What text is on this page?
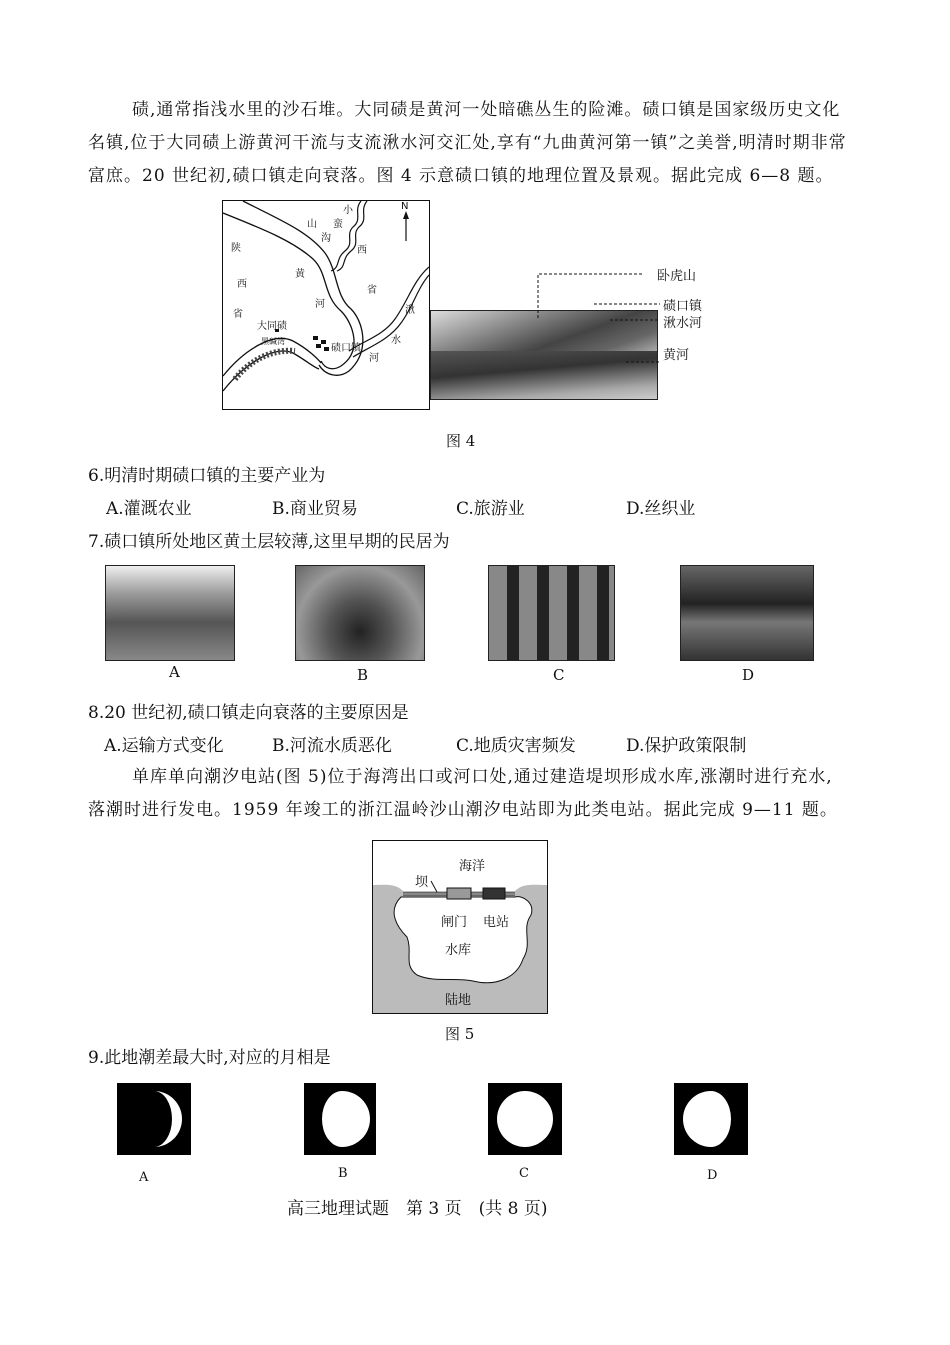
碛,通常指浅水里的沙石堆。大同碛是黄河一处暗礁丛生的险滩。碛口镇是国家级历史文化名镇,位于大同碛上游黄河干流与支流湫水河交汇处,享有“九曲黄河第一镇”之美誉,明清时期非常富庶。20 世纪初,碛口镇走向衰落。图 4 示意碛口镇的地理位置及景观。据此完成 6—8 题。
N
小
蛮
沟
山
西
省
陕
西
省
黄
河
湫
水
河
大同碛
黑碱湾
碛口镇
卧虎山
碛口镇
湫水河
黄河
图 4
6.明清时期碛口镇的主要产业为
A.灌溉农业	B.商业贸易	C.旅游业	D.丝织业
7.碛口镇所处地区黄土层较薄,这里早期的民居为
A	B	C	D
8.20 世纪初,碛口镇走向衰落的主要原因是
A.运输方式变化	B.河流水质恶化	C.地质灾害频发	D.保护政策限制
单库单向潮汐电站(图 5)位于海湾出口或河口处,通过建造堤坝形成水库,涨潮时进行充水,落潮时进行发电。1959 年竣工的浙江温岭沙山潮汐电站即为此类电站。据此完成 9—11 题。
海洋
坝
闸门 电站
水库
陆地
图 5
9.此地潮差最大时,对应的月相是
A	B	C	D
高三地理试题　第 3 页　(共 8 页)
